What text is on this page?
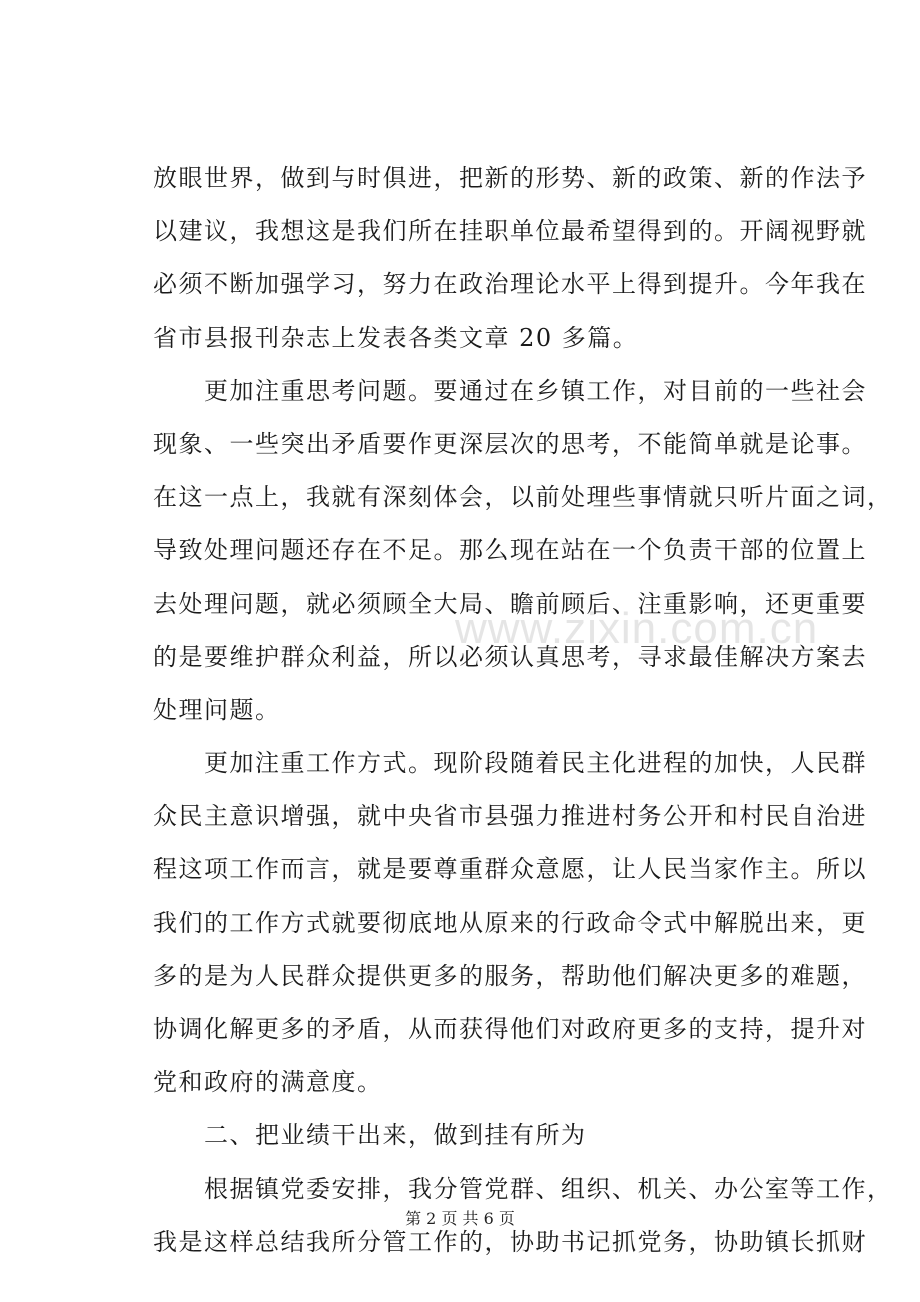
放眼世界，做到与时俱进，把新的形势、新的政策、新的作法予
以建议，我想这是我们所在挂职单位最希望得到的。开阔视野就
必须不断加强学习，努力在政治理论水平上得到提升。今年我在
省市县报刊杂志上发表各类文章 20 多篇。
　　更加注重思考问题。要通过在乡镇工作，对目前的一些社会
现象、一些突出矛盾要作更深层次的思考，不能简单就是论事。
在这一点上，我就有深刻体会，以前处理些事情就只听片面之词，
导致处理问题还存在不足。那么现在站在一个负责干部的位置上
去处理问题，就必须顾全大局、瞻前顾后、注重影响，还更重要
的是要维护群众利益，所以必须认真思考，寻求最佳解决方案去
处理问题。
　　更加注重工作方式。现阶段随着民主化进程的加快，人民群
众民主意识增强，就中央省市县强力推进村务公开和村民自治进
程这项工作而言，就是要尊重群众意愿，让人民当家作主。所以
我们的工作方式就要彻底地从原来的行政命令式中解脱出来，更
多的是为人民群众提供更多的服务，帮助他们解决更多的难题，
协调化解更多的矛盾，从而获得他们对政府更多的支持，提升对
党和政府的满意度。
　　二、把业绩干出来，做到挂有所为
　　根据镇党委安排，我分管党群、组织、机关、办公室等工作，
我是这样总结我所分管工作的，协助书记抓党务，协助镇长抓财
www.zixin.com.cn
第 2 页 共 6 页
